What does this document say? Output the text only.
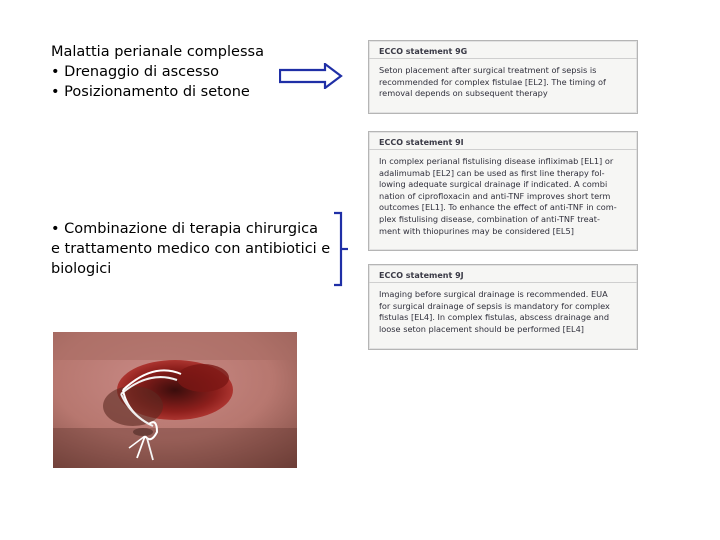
Malattia perianale complessa
• Drenaggio di ascesso
• Posizionamento di setone
• Combinazione di terapia chirurgica
e trattamento medico con antibiotici e
biologici
ECCO statement 9G
Seton placement after surgical treatment of sepsis is
recommended for complex fistulae [EL2]. The timing of
removal depends on subsequent therapy
ECCO statement 9I
In complex perianal fistulising disease infliximab [EL1] or
adalimumab [EL2] can be used as first line therapy fol-
lowing adequate surgical drainage if indicated. A combi
nation of ciprofloxacin and anti-TNF improves short term
outcomes [EL1]. To enhance the effect of anti-TNF in com-
plex fistulising disease, combination of anti-TNF treat-
ment with thiopurines may be considered [EL5]
ECCO statement 9J
Imaging before surgical drainage is recommended. EUA
for surgical drainage of sepsis is mandatory for complex
fistulas [EL4]. In complex fistulas, abscess drainage and
loose seton placement should be performed [EL4]
